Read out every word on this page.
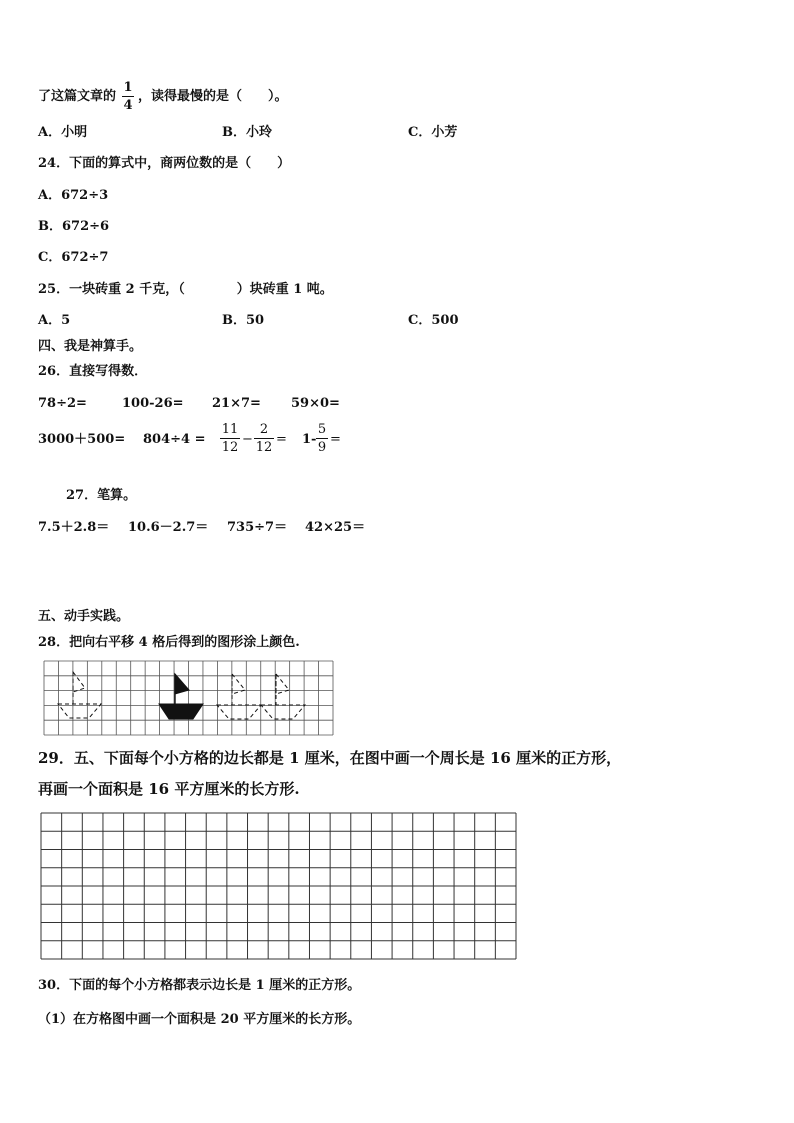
了这篇文章的
1
4
，读得最慢的是（　　）。
A．小明	B．小玲	C．小芳
24．下面的算式中，商两位数的是（　　）
A．672÷3
B．672÷6
C．672÷7
25．一块砖重 2 千克，（　　　　）块砖重 1 吨。
A．5	B．50	C．500
四、我是神算手。
26．直接写得数．
78÷2=	100-26= 21×7= 59×0=
3000＋500= 804÷4 =
11
12
−
2
12
= 1-
5
9
=
27．笔算。
7.5＋2.8＝ 10.6－2.7＝ 735÷7＝ 42×25＝
五、动手实践。
28．把向右平移 4 格后得到的图形涂上颜色.
29．五、下面每个小方格的边长都是 1 厘米，在图中画一个周长是 16 厘米的正方形，
再画一个面积是 16 平方厘米的长方形.
30．下面的每个小方格都表示边长是 1 厘米的正方形。
（1）在方格图中画一个面积是 20 平方厘米的长方形。
